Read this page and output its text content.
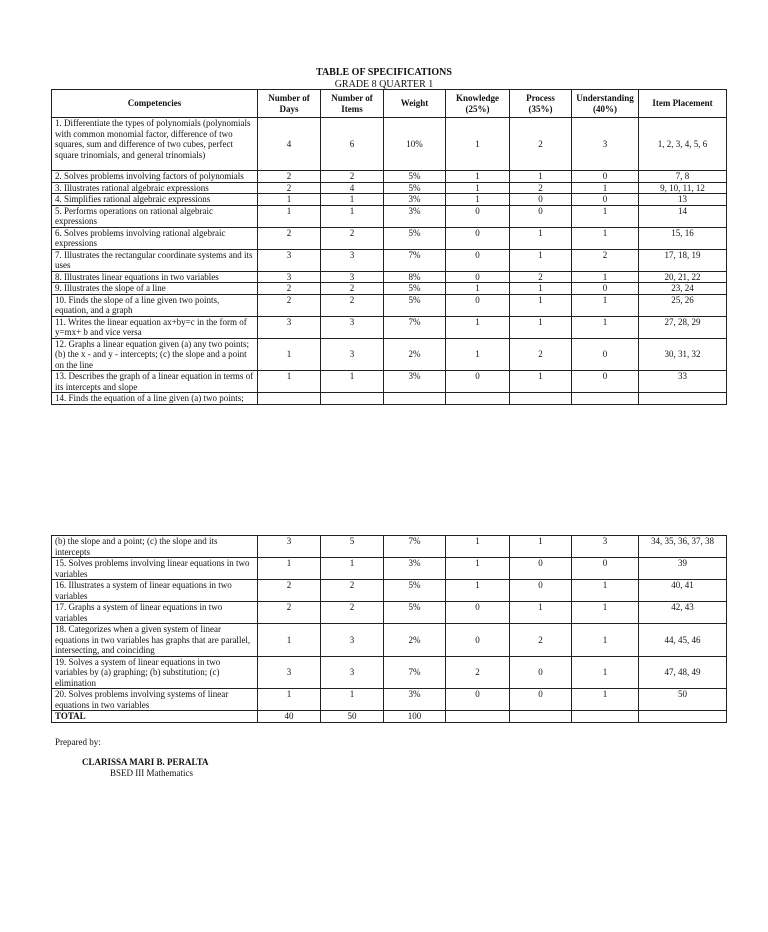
TABLE OF SPECIFICATIONS
GRADE 8 QUARTER 1
Competencies	Number of Days	Number of Items	Weight	Knowledge (25%)	Process (35%)	Understanding (40%)	Item Placement
1. Differentiate the types of polynomials (polynomials with common monomial factor, difference of two squares, sum and difference of two cubes, perfect square trinomials, and general trinomials)	4	6	10%	1	2	3	1, 2, 3, 4, 5, 6
2. Solves problems involving factors of polynomials	2	2	5%	1	1	0	7, 8
3. Illustrates rational algebraic expressions	2	4	5%	1	2	1	9, 10, 11, 12
4. Simplifies rational algebraic expressions	1	1	3%	1	0	0	13
5. Performs operations on rational algebraic expressions	1	1	3%	0	0	1	14
6. Solves problems involving rational algebraic expressions	2	2	5%	0	1	1	15, 16
7. Illustrates the rectangular coordinate systems and its uses	3	3	7%	0	1	2	17, 18, 19
8. Illustrates linear equations in two variables	3	3	8%	0	2	1	20, 21, 22
9. Illustrates the slope of a line	2	2	5%	1	1	0	23, 24
10. Finds the slope of a line given two points, equation, and a graph	2	2	5%	0	1	1	25, 26
11. Writes the linear equation ax+by=c in the form of y=mx+ b and vice versa	3	3	7%	1	1	1	27, 28, 29
12. Graphs a linear equation given (a) any two points; (b) the x - and y - intercepts; (c) the slope and a point on the line	1	3	2%	1	2	0	30, 31, 32
13. Describes the graph of a linear equation in terms of its intercepts and slope	1	1	3%	0	1	0	33
14. Finds the equation of a line given (a) two points;							
(b) the slope and a point; (c) the slope and its intercepts	3	5	7%	1	1	3	34, 35, 36, 37, 38
15. Solves problems involving linear equations in two variables	1	1	3%	1	0	0	39
16. Illustrates a system of linear equations in two variables	2	2	5%	1	0	1	40, 41
17. Graphs a system of linear equations in two variables	2	2	5%	0	1	1	42, 43
18. Categorizes when a given system of linear equations in two variables has graphs that are parallel, intersecting, and coinciding	1	3	2%	0	2	1	44, 45, 46
19. Solves a system of linear equations in two variables by (a) graphing; (b) substitution; (c) elimination	3	3	7%	2	0	1	47, 48, 49
20. Solves problems involving systems of linear equations in two variables	1	1	3%	0	0	1	50
TOTAL	40	50	100				
Prepared by:
CLARISSA MARI B. PERALTA
BSED III Mathematics
